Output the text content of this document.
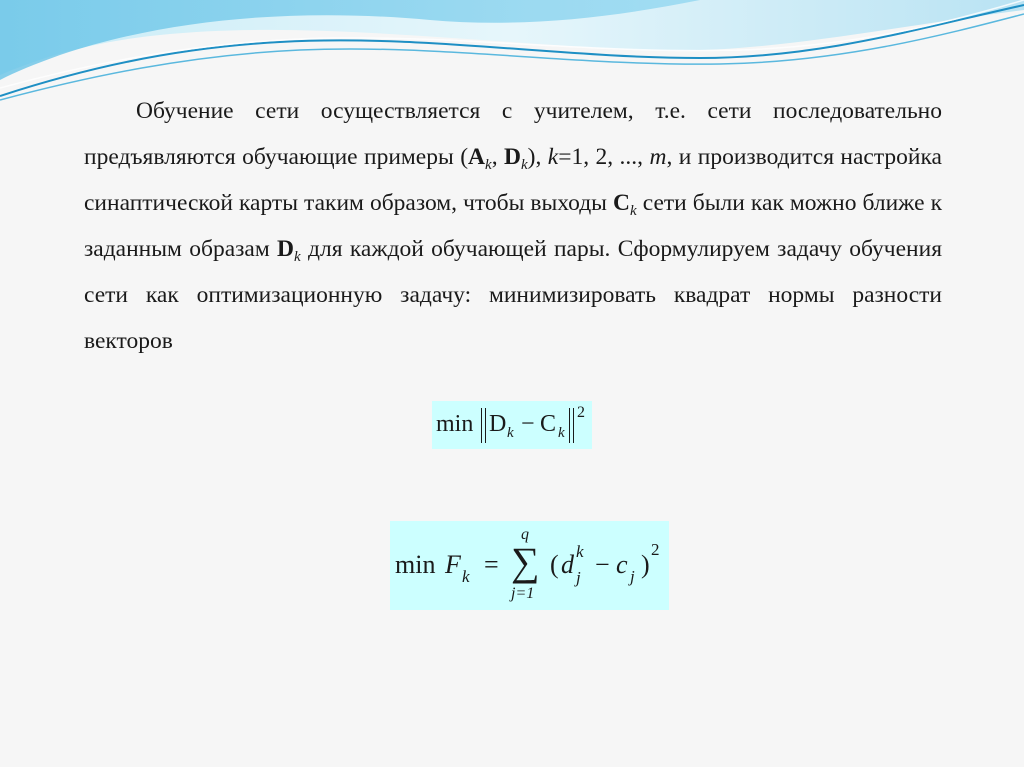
Обучение сети осуществляется с учителем, т.е. сети последовательно предъявляются обучающие примеры ($A_k$, $D_k$), k=1, 2, ..., m, и производится настройка синаптической карты таким образом, чтобы выходы $C_k$ сети были как можно ближе к заданным образам $D_k$ для каждой обучающей пары. Сформулируем задачу обучения сети как оптимизационную задачу: минимизировать квадрат нормы разности векторов

min D k − C k
2
min F k = ∑
q
j=1
( d k
j − c j )
2
